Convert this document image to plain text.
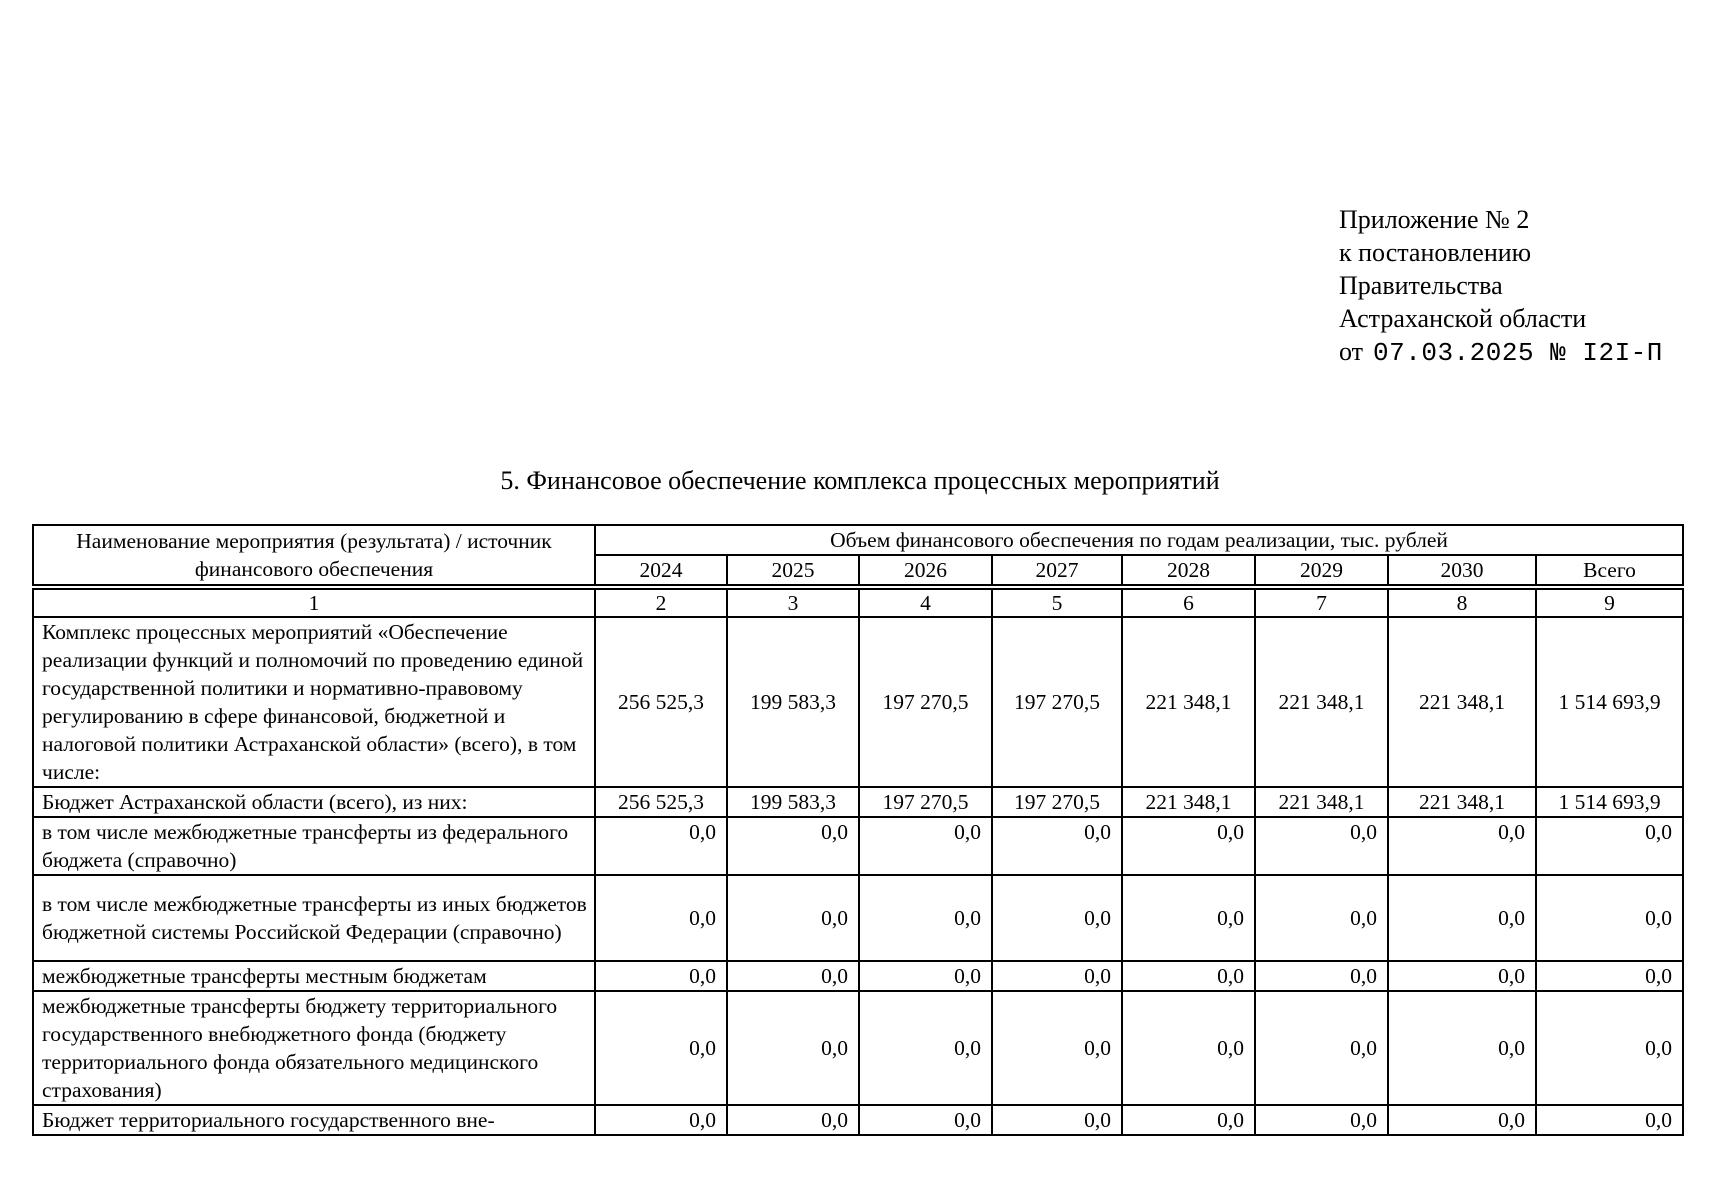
Приложение № 2
к постановлению
Правительства
Астраханской области
от 07.03.2025 № I2I-П
5. Финансовое обеспечение комплекса процессных мероприятий
Наименование мероприятия (результата) / источник финансового обеспечения	Объем финансового обеспечения по годам реализации, тыс. рублей							
	2024	2025	2026	2027	2028	2029	2030	Всего

1	2	3	4	5	6	7	8	9
Комплекс процессных мероприятий «Обеспечение реализации функций и полномочий по проведению единой государственной политики и нормативно-правовому регулированию в сфере финансовой, бюджетной и налоговой политики Астраханской области» (всего), в том числе:	256 525,3	199 583,3	197 270,5	197 270,5	221 348,1	221 348,1	221 348,1	1 514 693,9
Бюджет Астраханской области (всего), из них:	256 525,3	199 583,3	197 270,5	197 270,5	221 348,1	221 348,1	221 348,1	1 514 693,9
в том числе межбюджетные трансферты из федерального бюджета (справочно)	0,0	0,0	0,0	0,0	0,0	0,0	0,0	0,0
в том числе межбюджетные трансферты из иных бюджетов бюджетной системы Российской Федерации (справочно)	0,0	0,0	0,0	0,0	0,0	0,0	0,0	0,0
межбюджетные трансферты местным бюджетам	0,0	0,0	0,0	0,0	0,0	0,0	0,0	0,0
межбюджетные трансферты бюджету территориального государственного внебюджетного фонда (бюджету территориального фонда обязательного медицинского страхования)	0,0	0,0	0,0	0,0	0,0	0,0	0,0	0,0
Бюджет территориального государственного вне-	0,0	0,0	0,0	0,0	0,0	0,0	0,0	0,0
